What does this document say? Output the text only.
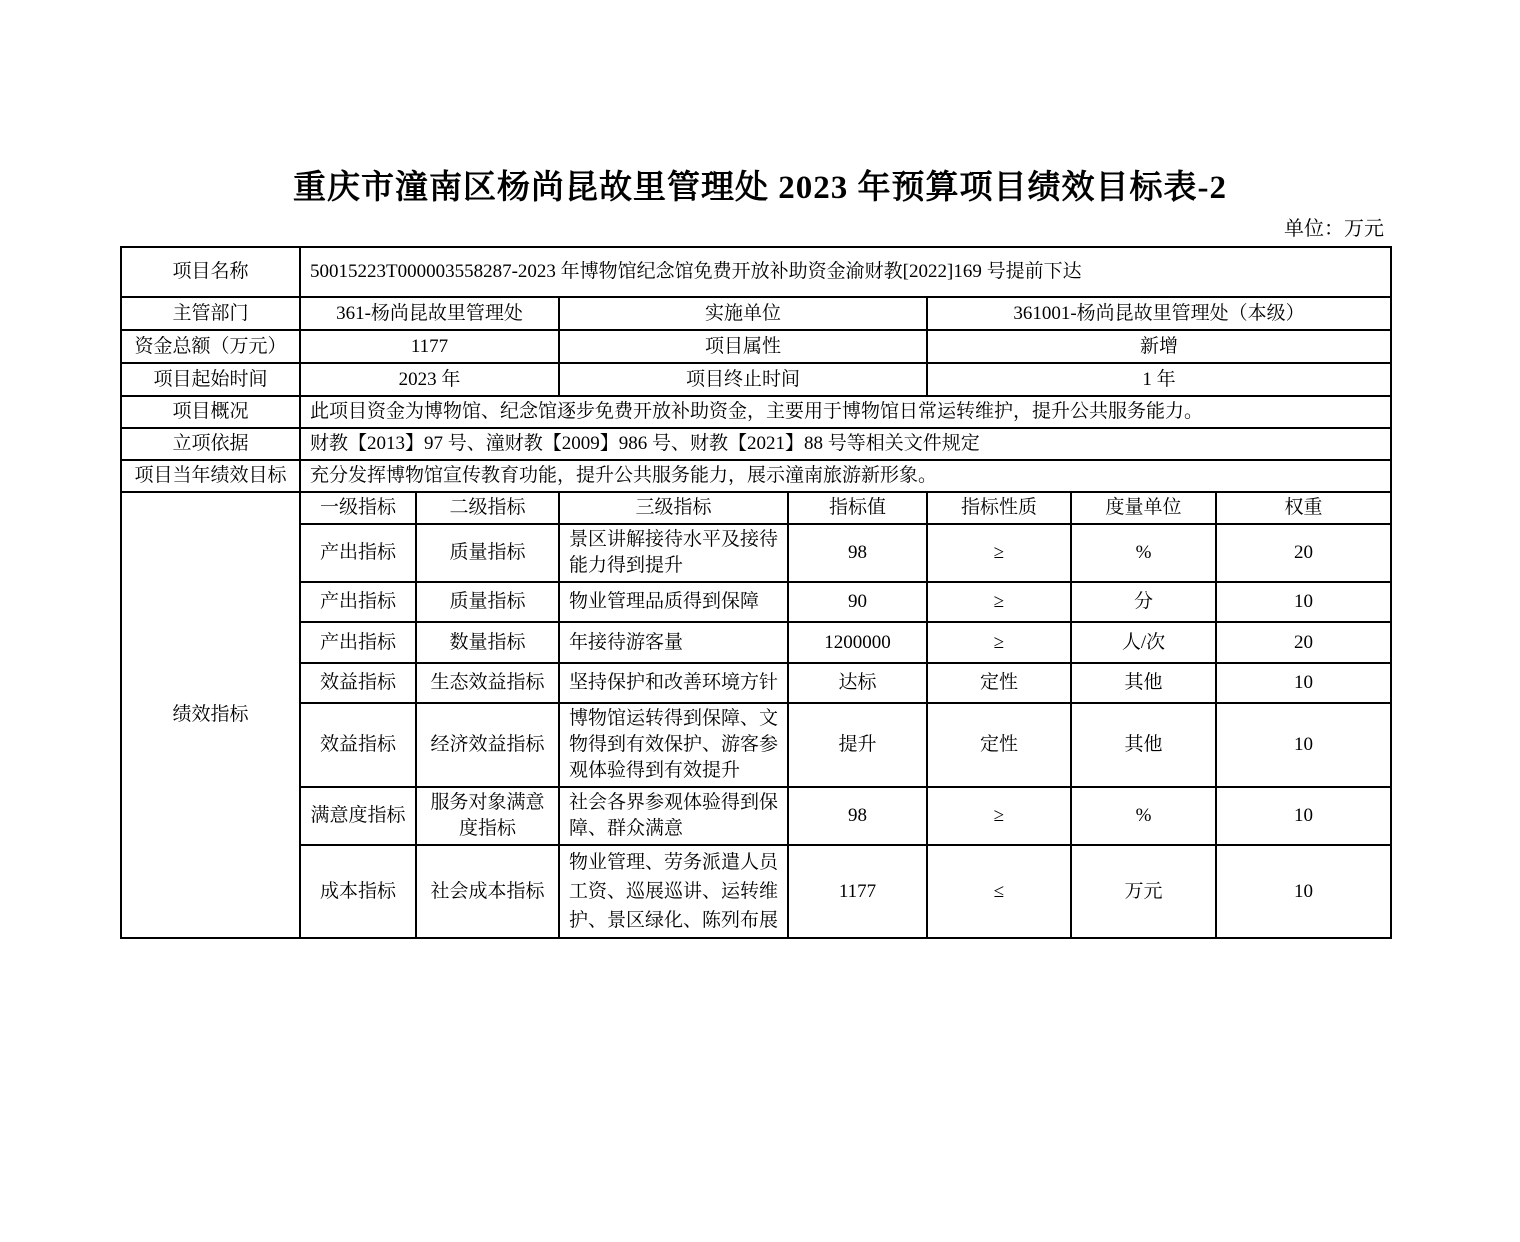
重庆市潼南区杨尚昆故里管理处 2023 年预算项目绩效目标表-2
单位：万元
项目名称	50015223T000003558287-2023 年博物馆纪念馆免费开放补助资金渝财教[2022]169 号提前下达						
主管部门	361-杨尚昆故里管理处		实施单位		361001-杨尚昆故里管理处（本级）		
资金总额（万元）	1177		项目属性		新增		
项目起始时间	2023 年		项目终止时间		1 年		
项目概况	此项目资金为博物馆、纪念馆逐步免费开放补助资金，主要用于博物馆日常运转维护，提升公共服务能力。						
立项依据	财教【2013】97 号、潼财教【2009】986 号、财教【2021】88 号等相关文件规定						
项目当年绩效目标	充分发挥博物馆宣传教育功能，提升公共服务能力，展示潼南旅游新形象。						
绩效指标	一级指标	二级指标	三级指标	指标值	指标性质	度量单位	权重
	产出指标	质量指标	景区讲解接待水平及接待能力得到提升	98	≥	%	20
	产出指标	质量指标	物业管理品质得到保障	90	≥	分	10
	产出指标	数量指标	年接待游客量	1200000	≥	人/次	20
	效益指标	生态效益指标	坚持保护和改善环境方针	达标	定性	其他	10
	效益指标	经济效益指标	博物馆运转得到保障、文物得到有效保护、游客参观体验得到有效提升	提升	定性	其他	10
	满意度指标	服务对象满意度指标	社会各界参观体验得到保障、群众满意	98	≥	%	10
	成本指标	社会成本指标	物业管理、劳务派遣人员工资、巡展巡讲、运转维护、景区绿化、陈列布展	1177	≤	万元	10
